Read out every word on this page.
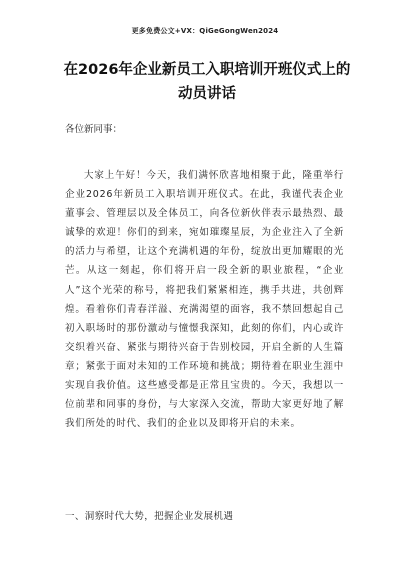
更多免费公文+VX：QiGeGongWen2024
在2026年企业新员工入职培训开班仪式上的动员讲话
各位新同事：

大家上午好！今天，我们满怀欣喜地相聚于此，隆重举行企业2026年新员工入职培训开班仪式。在此，我谨代表企业董事会、管理层以及全体员工，向各位新伙伴表示最热烈、最诚挚的欢迎！你们的到来，宛如璀璨星辰，为企业注入了全新的活力与希望，让这个充满机遇的年份，绽放出更加耀眼的光芒。从这一刻起，你们将开启一段全新的职业旅程，“企业人”这个光荣的称号，将把我们紧紧相连，携手共进，共创辉煌。看着你们青春洋溢、充满渴望的面容，我不禁回想起自己初入职场时的那份激动与憧憬我深知，此刻的你们，内心或许交织着兴奋、紧张与期待兴奋于告别校园，开启全新的人生篇章；紧张于面对未知的工作环境和挑战；期待着在职业生涯中实现自我价值。这些感受都是正常且宝贵的。今天，我想以一位前辈和同事的身份，与大家深入交流，帮助大家更好地了解我们所处的时代、我们的企业以及即将开启的未来。

一、洞察时代大势，把握企业发展机遇
